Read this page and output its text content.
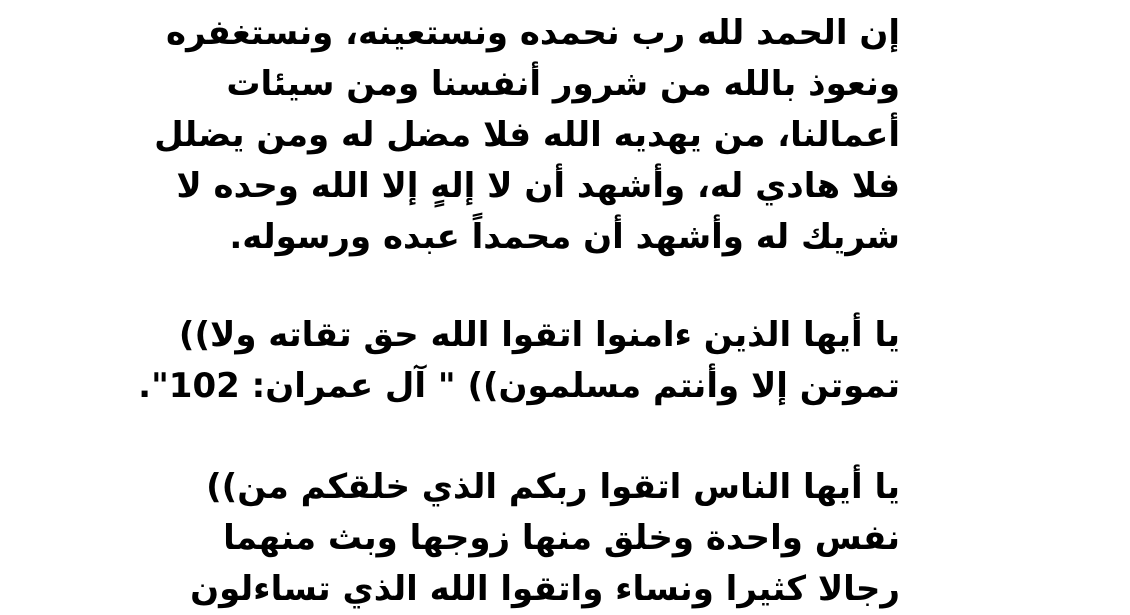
إن الحمد لله رب نحمده ونستعينه، ونستغفره
ونعوذ بالله من شرور أنفسنا ومن سيئات
أعمالنا، من يهديه الله فلا مضل له ومن يضلل
فلا هادي له، وأشهد أن لا إلهٍ إلا الله وحده لا
شريك له وأشهد أن محمداً عبده ورسوله.
يا أيها الذين ءامنوا اتقوا الله حق تقاته ولا))
تموتن إلا وأنتم مسلمون)) " آل عمران: 102".
يا أيها الناس اتقوا ربكم الذي خلقكم من))
نفس واحدة وخلق منها زوجها وبث منهما
رجالا كثيرا ونساء واتقوا الله الذي تساءلون
